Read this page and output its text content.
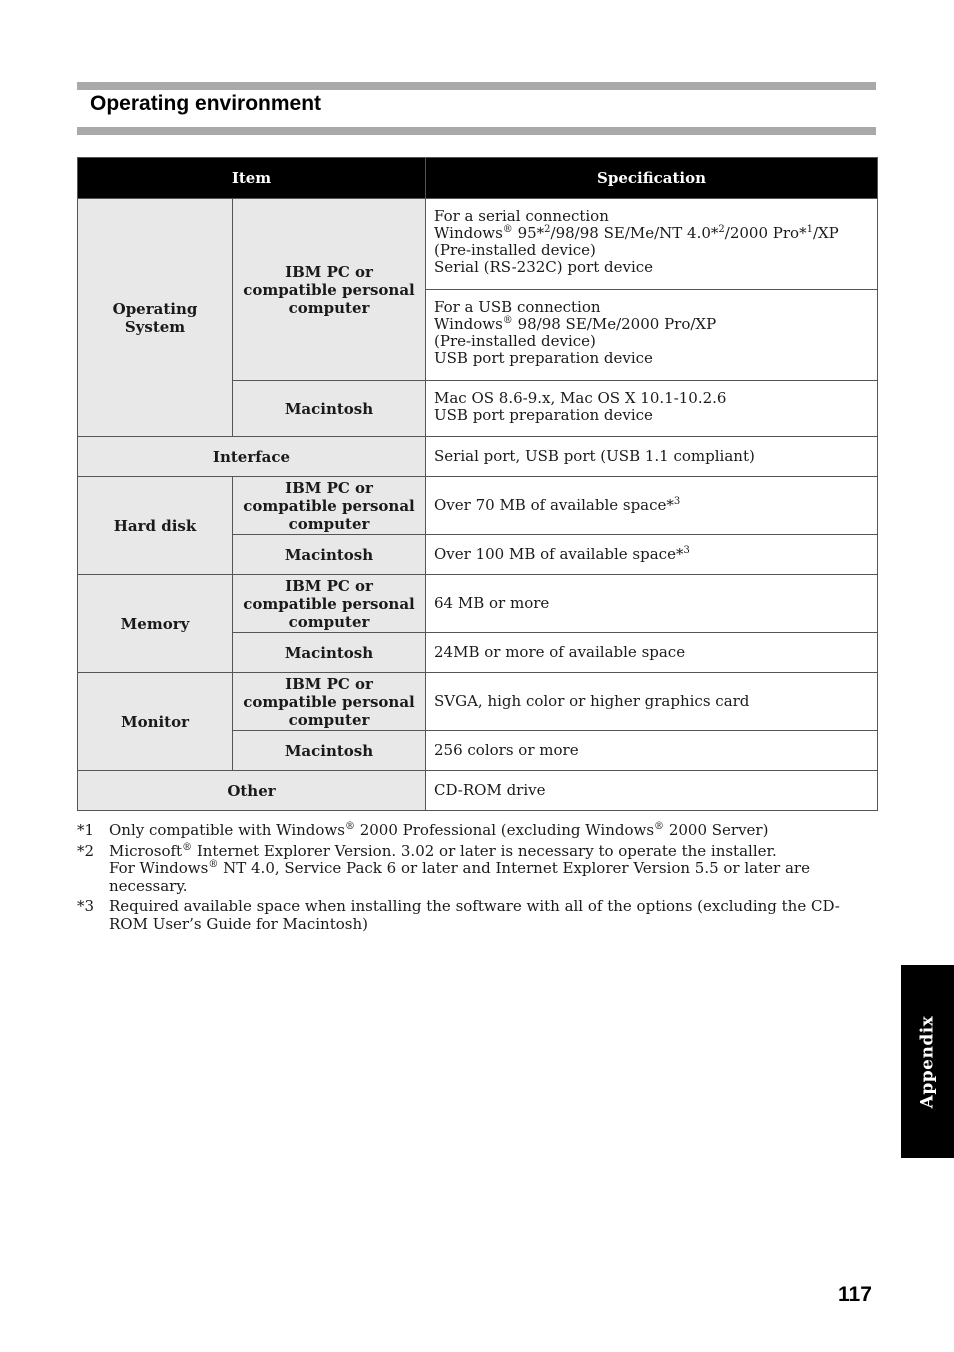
Operating environment
Item		Specification
Operating System	IBM PC or compatible personal computer	For a serial connection
Windows® 95*$^2$/98/98 SE/Me/NT 4.0*$^2$/2000 Pro*$^1$/XP
(Pre-installed device)
Serial (RS-232C) port device

		For a USB connection
Windows® 98/98 SE/Me/2000 Pro/XP
(Pre-installed device)
USB port preparation device

	Macintosh	Mac OS 8.6-9.x, Mac OS X 10.1-10.2.6
USB port preparation device

Interface		Serial port, USB port (USB 1.1 compliant)
Hard disk	IBM PC or compatible personal computer	Over 70 MB of available space*$^3$
	Macintosh	Over 100 MB of available space*$^3$
Memory	IBM PC or compatible personal computer	64 MB or more
	Macintosh	24MB or more of available space
Monitor	IBM PC or compatible personal computer	SVGA, high color or higher graphics card
	Macintosh	256 colors or more
Other		CD-ROM drive
*1 Only compatible with Windows® 2000 Professional (excluding Windows® 2000 Server)
*2 Microsoft® Internet Explorer Version. 3.02 or later is necessary to operate the installer.
For Windows® NT 4.0, Service Pack 6 or later and Internet Explorer Version 5.5 or later are necessary.
*3 Required available space when installing the software with all of the options (excluding the CD-ROM User’s Guide for Macintosh)
Appendix
117
